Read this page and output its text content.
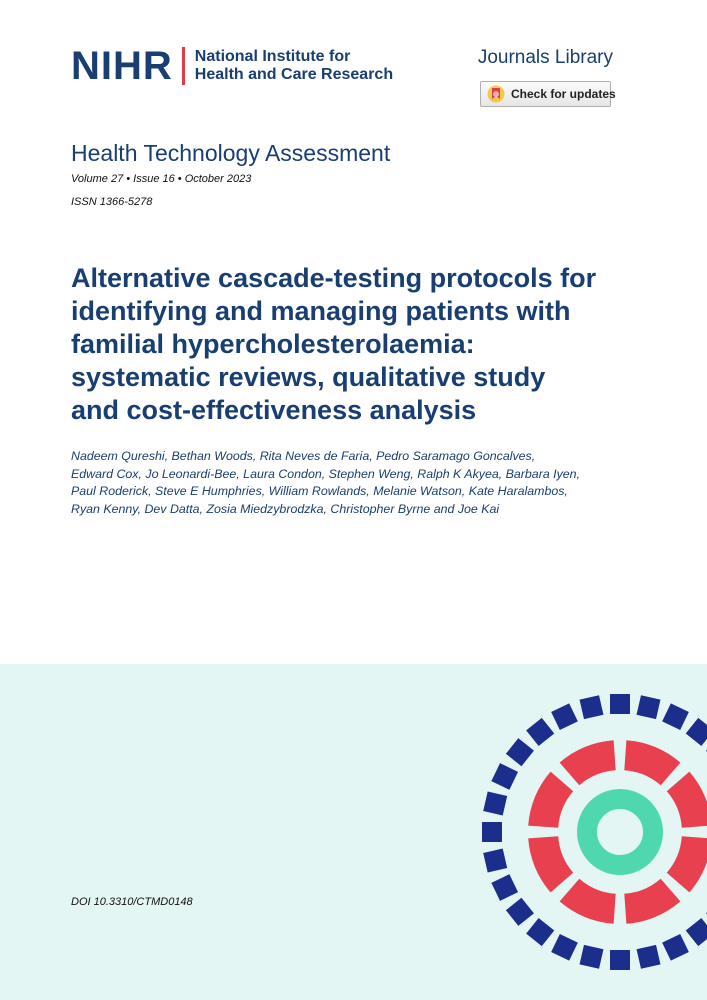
NIHR National Institute for
Health and Care Research
Journals Library
Check for updates
Health Technology Assessment
Volume 27 • Issue 16 • October 2023
ISSN 1366-5278
Alternative cascade-testing protocols for
identifying and managing patients with
familial hypercholesterolaemia:
systematic reviews, qualitative study
and cost-effectiveness analysis
Nadeem Qureshi, Bethan Woods, Rita Neves de Faria, Pedro Saramago Goncalves,
Edward Cox, Jo Leonardi-Bee, Laura Condon, Stephen Weng, Ralph K Akyea, Barbara Iyen,
Paul Roderick, Steve E Humphries, William Rowlands, Melanie Watson, Kate Haralambos,
Ryan Kenny, Dev Datta, Zosia Miedzybrodzka, Christopher Byrne and Joe Kai
DOI 10.3310/CTMD0148
